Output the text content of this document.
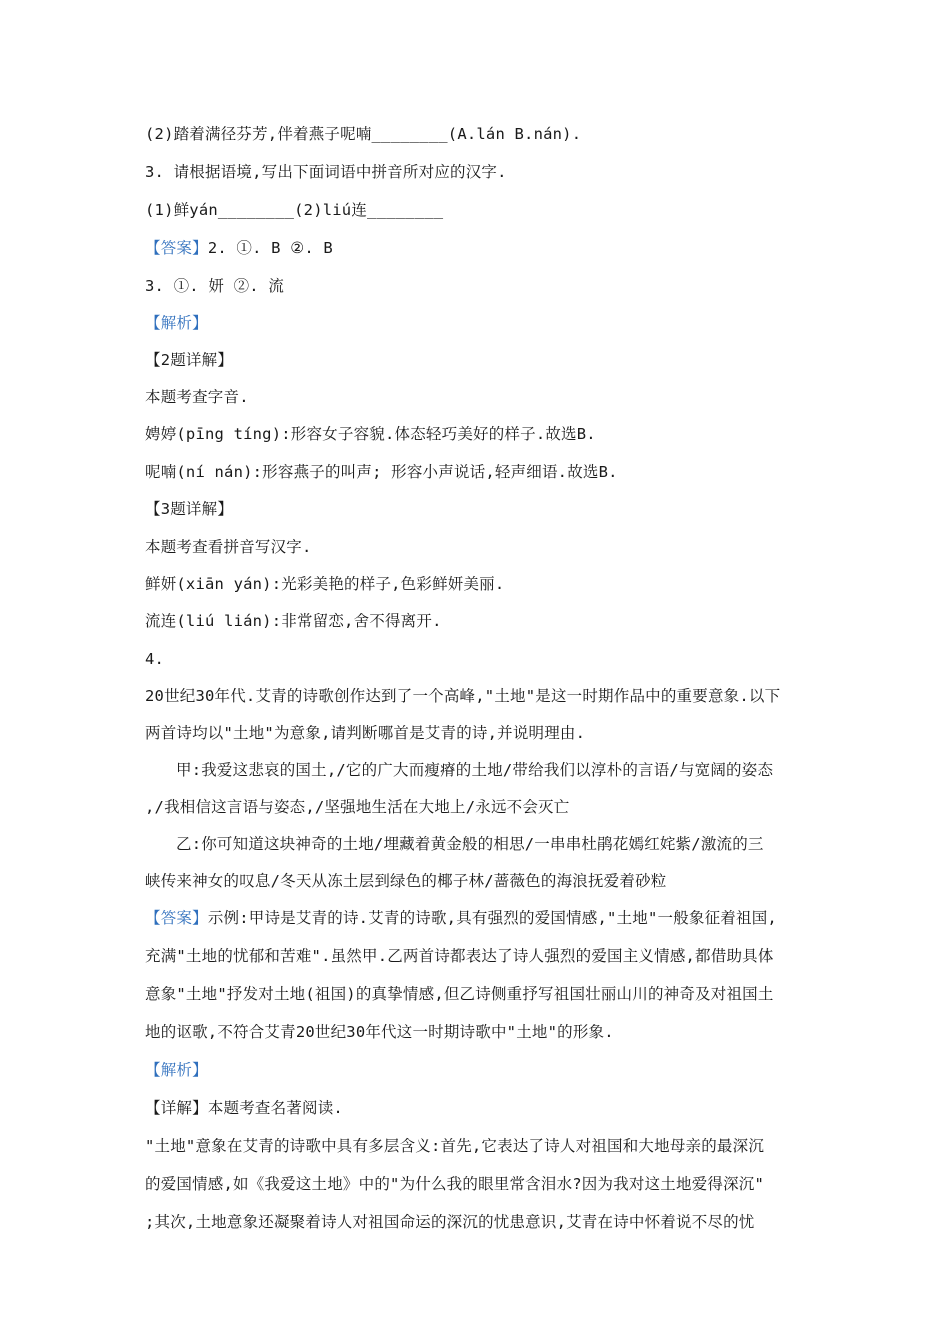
(2)踏着满径芬芳,伴着燕子呢喃________(A.lán B.nán).
3. 请根据语境,写出下面词语中拼音所对应的汉字.
(1)鲜yán________(2)liú连________
【答案】2. ①. B ②. B
3. ①. 妍 ②. 流
【解析】
【2题详解】
本题考查字音.
娉婷(pīng tíng):形容女子容貌.体态轻巧美好的样子.故选B.
呢喃(ní nán):形容燕子的叫声; 形容小声说话,轻声细语.故选B.
【3题详解】
本题考查看拼音写汉字.
鲜妍(xiān yán):光彩美艳的样子,色彩鲜妍美丽.
流连(liú lián):非常留恋,舍不得离开.
4.
20世纪30年代.艾青的诗歌创作达到了一个高峰,"土地"是这一时期作品中的重要意象.以下
两首诗均以"土地"为意象,请判断哪首是艾青的诗,并说明理由.
甲:我爱这悲哀的国土,/它的广大而瘦瘠的土地/带给我们以淳朴的言语/与宽阔的姿态
,/我相信这言语与姿态,/坚强地生活在大地上/永远不会灭亡
乙:你可知道这块神奇的土地/埋藏着黄金般的相思/一串串杜鹃花嫣红姹紫/激流的三
峡传来神女的叹息/冬天从冻土层到绿色的椰子林/蔷薇色的海浪抚爱着砂粒
【答案】示例:甲诗是艾青的诗.艾青的诗歌,具有强烈的爱国情感,"土地"一般象征着祖国,
充满"土地的忧郁和苦难".虽然甲.乙两首诗都表达了诗人强烈的爱国主义情感,都借助具体
意象"土地"抒发对土地(祖国)的真挚情感,但乙诗侧重抒写祖国壮丽山川的神奇及对祖国土
地的讴歌,不符合艾青20世纪30年代这一时期诗歌中"土地"的形象.
【解析】
【详解】本题考查名著阅读.
"土地"意象在艾青的诗歌中具有多层含义:首先,它表达了诗人对祖国和大地母亲的最深沉
的爱国情感,如《我爱这土地》中的"为什么我的眼里常含泪水?因为我对这土地爱得深沉"
;其次,土地意象还凝聚着诗人对祖国命运的深沉的忧患意识,艾青在诗中怀着说不尽的忧
